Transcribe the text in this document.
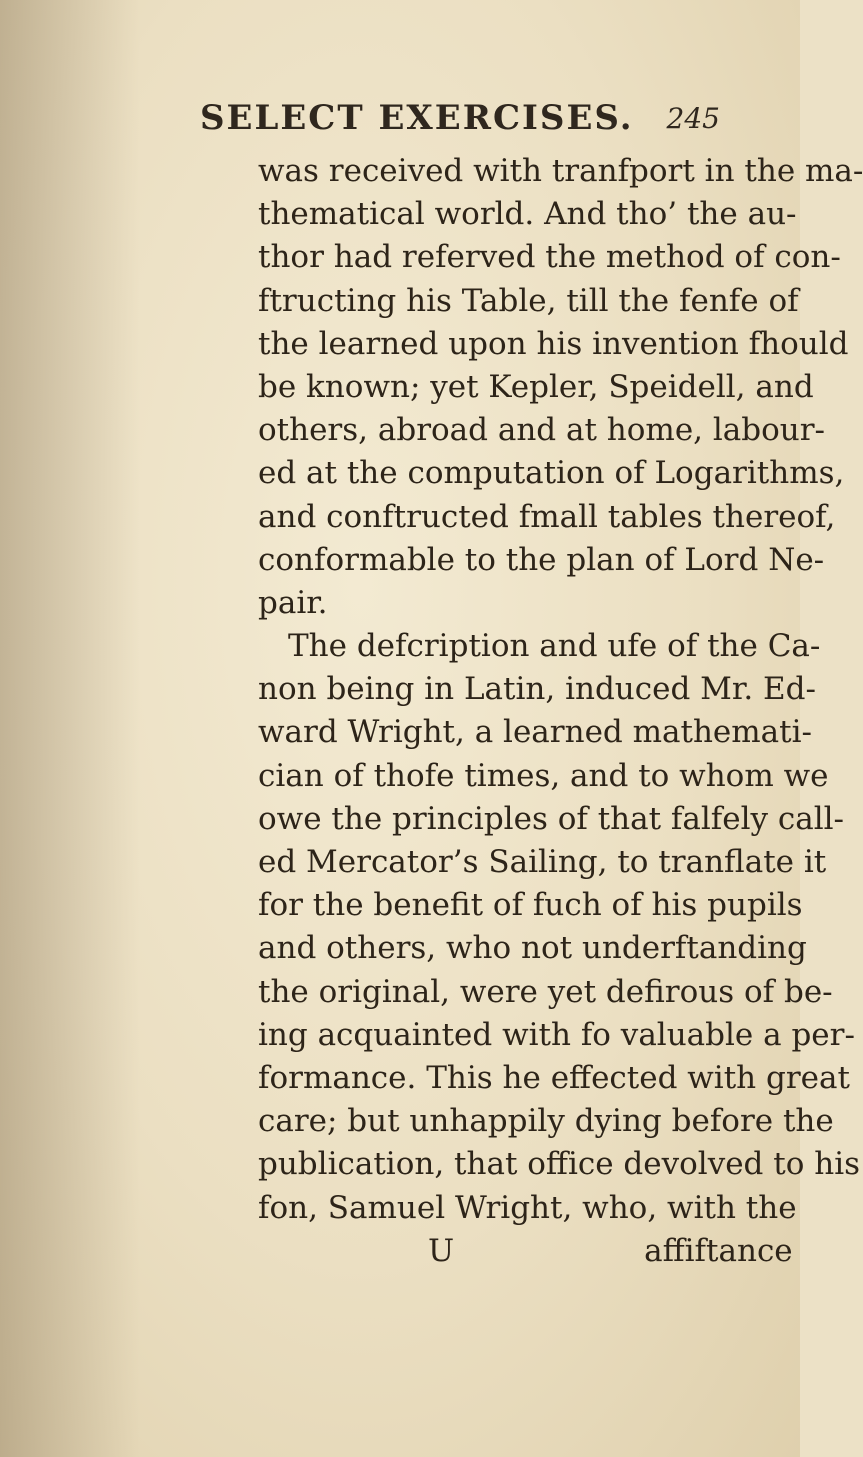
SELECT EXERCISES. 245
was received with tranfport in the ma-
thematical world. And tho’ the au-
thor had referved the method of con-
ftructing his Table, till the fenfe of
the learned upon his invention fhould
be known; yet Kepler, Speidell, and
others, abroad and at home, labour-
ed at the computation of Logarithms,
and conftructed fmall tables thereof,
conformable to the plan of Lord Ne-
pair.
The defcription and ufe of the Ca-
non being in Latin, induced Mr. Ed-
ward Wright, a learned mathemati-
cian of thofe times, and to whom we
owe the principles of that falfely call-
ed Mercator’s Sailing, to tranflate it
for the benefit of fuch of his pupils
and others, who not underftanding
the original, were yet defirous of be-
ing acquainted with fo valuable a per-
formance. This he effected with great
care; but unhappily dying before the
publication, that office devolved to his
fon, Samuel Wright, who, with the
U	affiftance
